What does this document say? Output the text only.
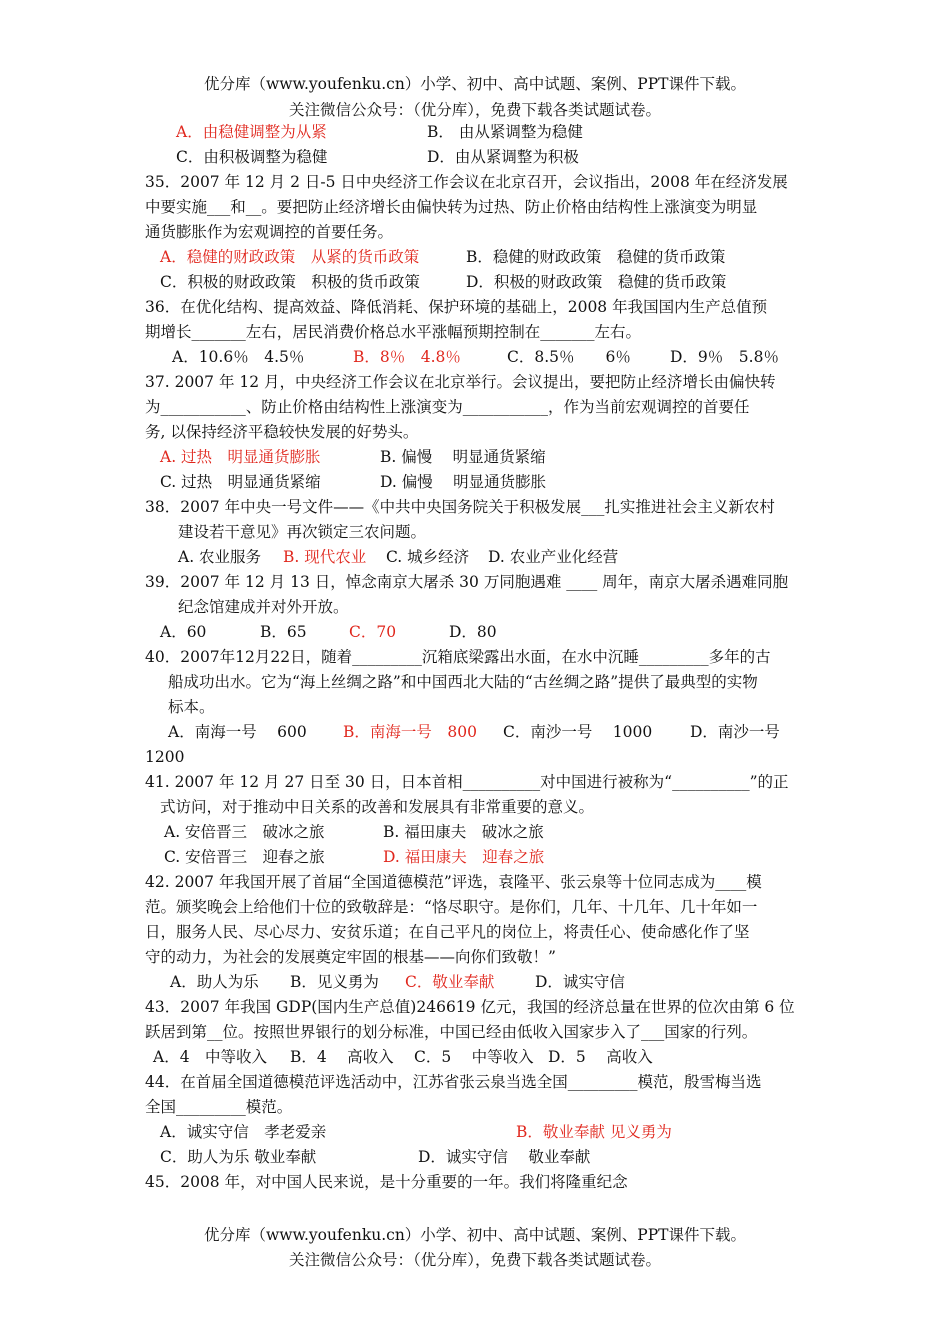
优分库（www.youfenku.cn）小学、初中、高中试题、案例、PPT课件下载。
关注微信公众号：（优分库），免费下载各类试题试卷。
A．由稳健调整为从紧	B． 由从紧调整为稳健
C．由积极调整为稳健	D．由从紧调整为积极
35．2007 年 12 月 2 日-5 日中央经济工作会议在北京召开，会议指出，2008 年在经济发展
中要实施___和__。要把防止经济增长由偏快转为过热、防止价格由结构性上涨演变为明显
通货膨胀作为宏观调控的首要任务。
A．稳健的财政政策　从紧的货币政策	B．稳健的财政政策　稳健的货币政策
C．积极的财政政策　积极的货币政策	D．积极的财政政策　稳健的货币政策
36．在优化结构、提高效益、降低消耗、保护环境的基础上，2008 年我国国内生产总值预
期增长_______左右，居民消费价格总水平涨幅预期控制在_______左右。
A．10.6％　4.5％	B．8％　4.8％	C．8.5％　　6％	D．9％　5.8％
37. 2007 年 12 月，中央经济工作会议在北京举行。会议提出，要把防止经济增长由偏快转
为___________、防止价格由结构性上涨演变为___________，作为当前宏观调控的首要任
务, 以保持经济平稳较快发展的好势头。
A. 过热　明显通货膨胀	B. 偏慢　 明显通货紧缩
C. 过热　明显通货紧缩	D. 偏慢　 明显通货膨胀
38．2007 年中央一号文件——《中共中央国务院关于积极发展___扎实推进社会主义新农村
建设若干意见》再次锁定三农问题。
A. 农业服务 B. 现代农业 C. 城乡经济 D. 农业产业化经营
39．2007 年 12 月 13 日，悼念南京大屠杀 30 万同胞遇难 ____ 周年，南京大屠杀遇难同胞
纪念馆建成并对外开放。
A．60	B．65	C．70	D．80
40．2007年12月22日，随着_________沉箱底梁露出水面，在水中沉睡_________多年的古
船成功出水。它为“海上丝绸之路”和中国西北大陆的“古丝绸之路”提供了最典型的实物
标本。
A．南海一号　 600 B．南海一号　800 C．南沙一号　 1000 D．南沙一号
1200
41. 2007 年 12 月 27 日至 30 日，日本首相__________对中国进行被称为“__________”的正
式访问，对于推动中日关系的改善和发展具有非常重要的意义。
A. 安倍晋三　破冰之旅	B. 福田康夫　破冰之旅
C. 安倍晋三　迎春之旅	D. 福田康夫　迎春之旅
42. 2007 年我国开展了首届“全国道德模范”评选，袁隆平、张云泉等十位同志成为____模
范。颁奖晚会上给他们十位的致敬辞是：“恪尽职守。是你们，几年、十几年、几十年如一
日，服务人民、尽心尽力、安贫乐道；在自己平凡的岗位上，将责任心、使命感化作了坚
守的动力，为社会的发展奠定牢固的根基——向你们致敬！”
A．助人为乐 B．见义勇为 C．敬业奉献	D．诚实守信
43．2007 年我国 GDP(国内生产总值)246619 亿元，我国的经济总量在世界的位次由第 6 位
跃居到第__位。按照世界银行的划分标准，中国已经由低收入国家步入了___国家的行列。
A．4　中等收入 B．4　 高收入 C．5　 中等收入 D．5　 高收入
44．在首届全国道德模范评选活动中，江苏省张云泉当选全国_________模范，殷雪梅当选
全国_________模范。
A．诚实守信　孝老爱亲	B．敬业奉献 见义勇为
C．助人为乐 敬业奉献	D．诚实守信　 敬业奉献
45．2008 年，对中国人民来说，是十分重要的一年。我们将隆重纪念
优分库（www.youfenku.cn）小学、初中、高中试题、案例、PPT课件下载。
关注微信公众号：（优分库），免费下载各类试题试卷。
